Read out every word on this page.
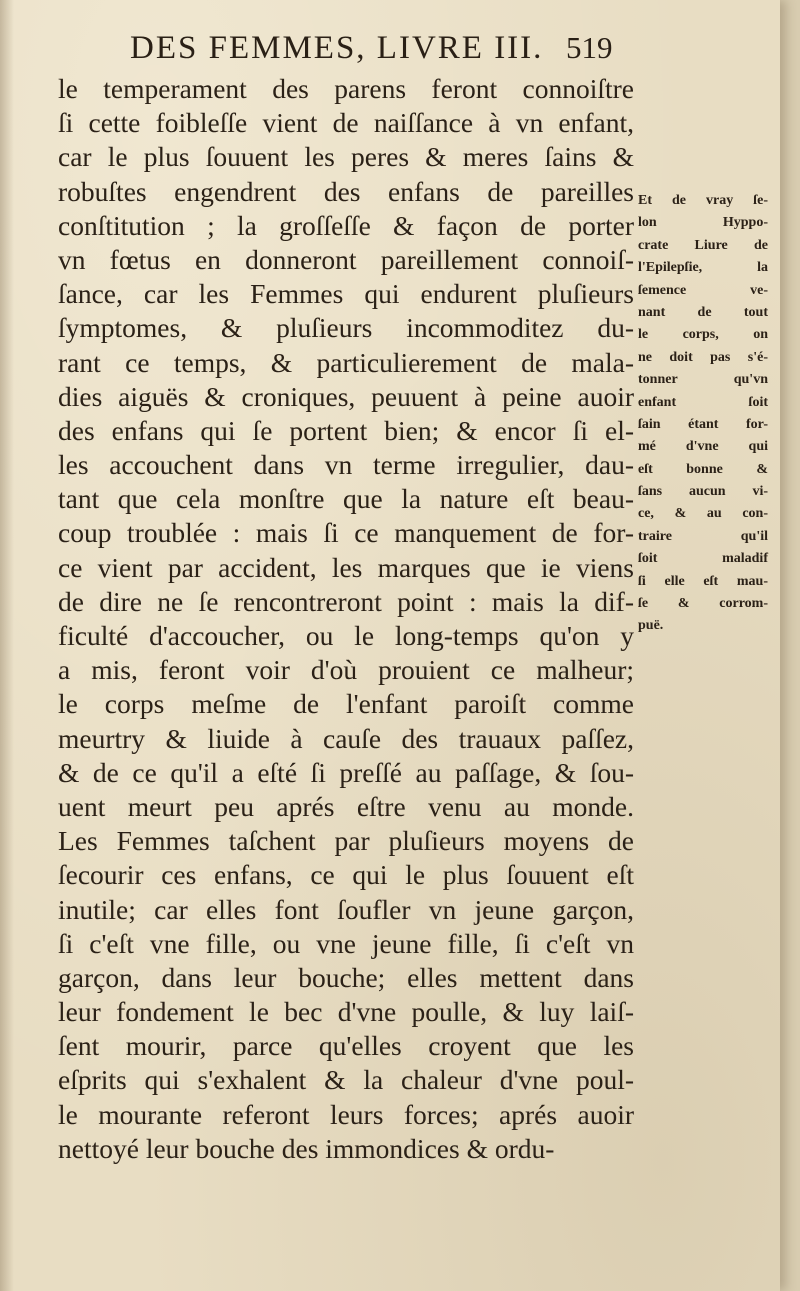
DES FEMMES, LIVRE III. 519
le temperament des parens feront connoiſtre
ſi cette foibleſſe vient de naiſſance à vn enfant,
car le plus ſouuent les peres & meres ſains &
robuſtes engendrent des enfans de pareilles
conſtitution ; la groſſeſſe & façon de porter
vn fœtus en donneront pareillement connoiſ-
ſance, car les Femmes qui endurent pluſieurs
ſymptomes, & pluſieurs incommoditez du-
rant ce temps, & particulierement de mala-
dies aiguës & croniques, peuuent à peine auoir
des enfans qui ſe portent bien; & encor ſi el-
les accouchent dans vn terme irregulier, dau-
tant que cela monſtre que la nature eſt beau-
coup troublée : mais ſi ce manquement de for-
ce vient par accident, les marques que ie viens
de dire ne ſe rencontreront point : mais la dif-
ficulté d'accoucher, ou le long-temps qu'on y
a mis, feront voir d'où prouient ce malheur;
le corps meſme de l'enfant paroiſt comme
meurtry & liuide à cauſe des trauaux paſſez,
& de ce qu'il a eſté ſi preſſé au paſſage, & ſou-
uent meurt peu aprés eſtre venu au monde.
Les Femmes taſchent par pluſieurs moyens de
ſecourir ces enfans, ce qui le plus ſouuent eſt
inutile; car elles font ſoufler vn jeune garçon,
ſi c'eſt vne fille, ou vne jeune fille, ſi c'eſt vn
garçon, dans leur bouche; elles mettent dans
leur fondement le bec d'vne poulle, & luy laiſ-
ſent mourir, parce qu'elles croyent que les
eſprits qui s'exhalent & la chaleur d'vne poul-
le mourante referont leurs forces; aprés auoir
nettoyé leur bouche des immondices & ordu-
Et de vray ſe-
lon Hyppo-
crate Liure de
l'Epilepſie, la
ſemence ve-
nant de tout
le corps, on
ne doit pas s'é-
tonner qu'vn
enfant ſoit
ſain étant for-
mé d'vne qui
eſt bonne &
ſans aucun vi-
ce, & au con-
traire qu'il
ſoit maladif
ſi elle eſt mau-
ſe & corrom-
puë.
